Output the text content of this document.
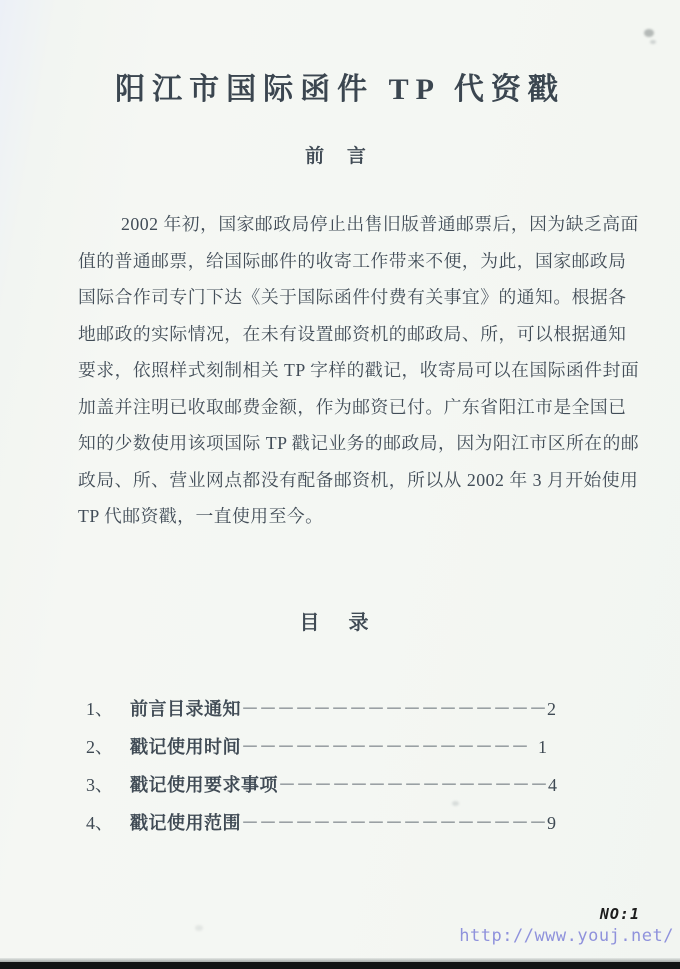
阳江市国际函件 TP 代资戳
前 言
2002 年初，国家邮政局停止出售旧版普通邮票后，因为缺乏高面
值的普通邮票，给国际邮件的收寄工作带来不便，为此，国家邮政局
国际合作司专门下达《关于国际函件付费有关事宜》的通知。根据各
地邮政的实际情况，在未有设置邮资机的邮政局、所，可以根据通知
要求，依照样式刻制相关 TP 字样的戳记，收寄局可以在国际函件封面
加盖并注明已收取邮费金额，作为邮资已付。广东省阳江市是全国已
知的少数使用该项国际 TP 戳记业务的邮政局，因为阳江市区所在的邮
政局、所、营业网点都没有配备邮资机，所以从 2002 年 3 月开始使用
TP 代邮资戳，一直使用至今。
目 录
1、 前言目录通知－－－－－－－－－－－－－－－－－2
2、 戳记使用时间－－－－－－－－－－－－－－－－ 1
3、 戳记使用要求事项－－－－－－－－－－－－－－－4
4、 戳记使用范围－－－－－－－－－－－－－－－－－9
NO:1
http://www.youj.net/
